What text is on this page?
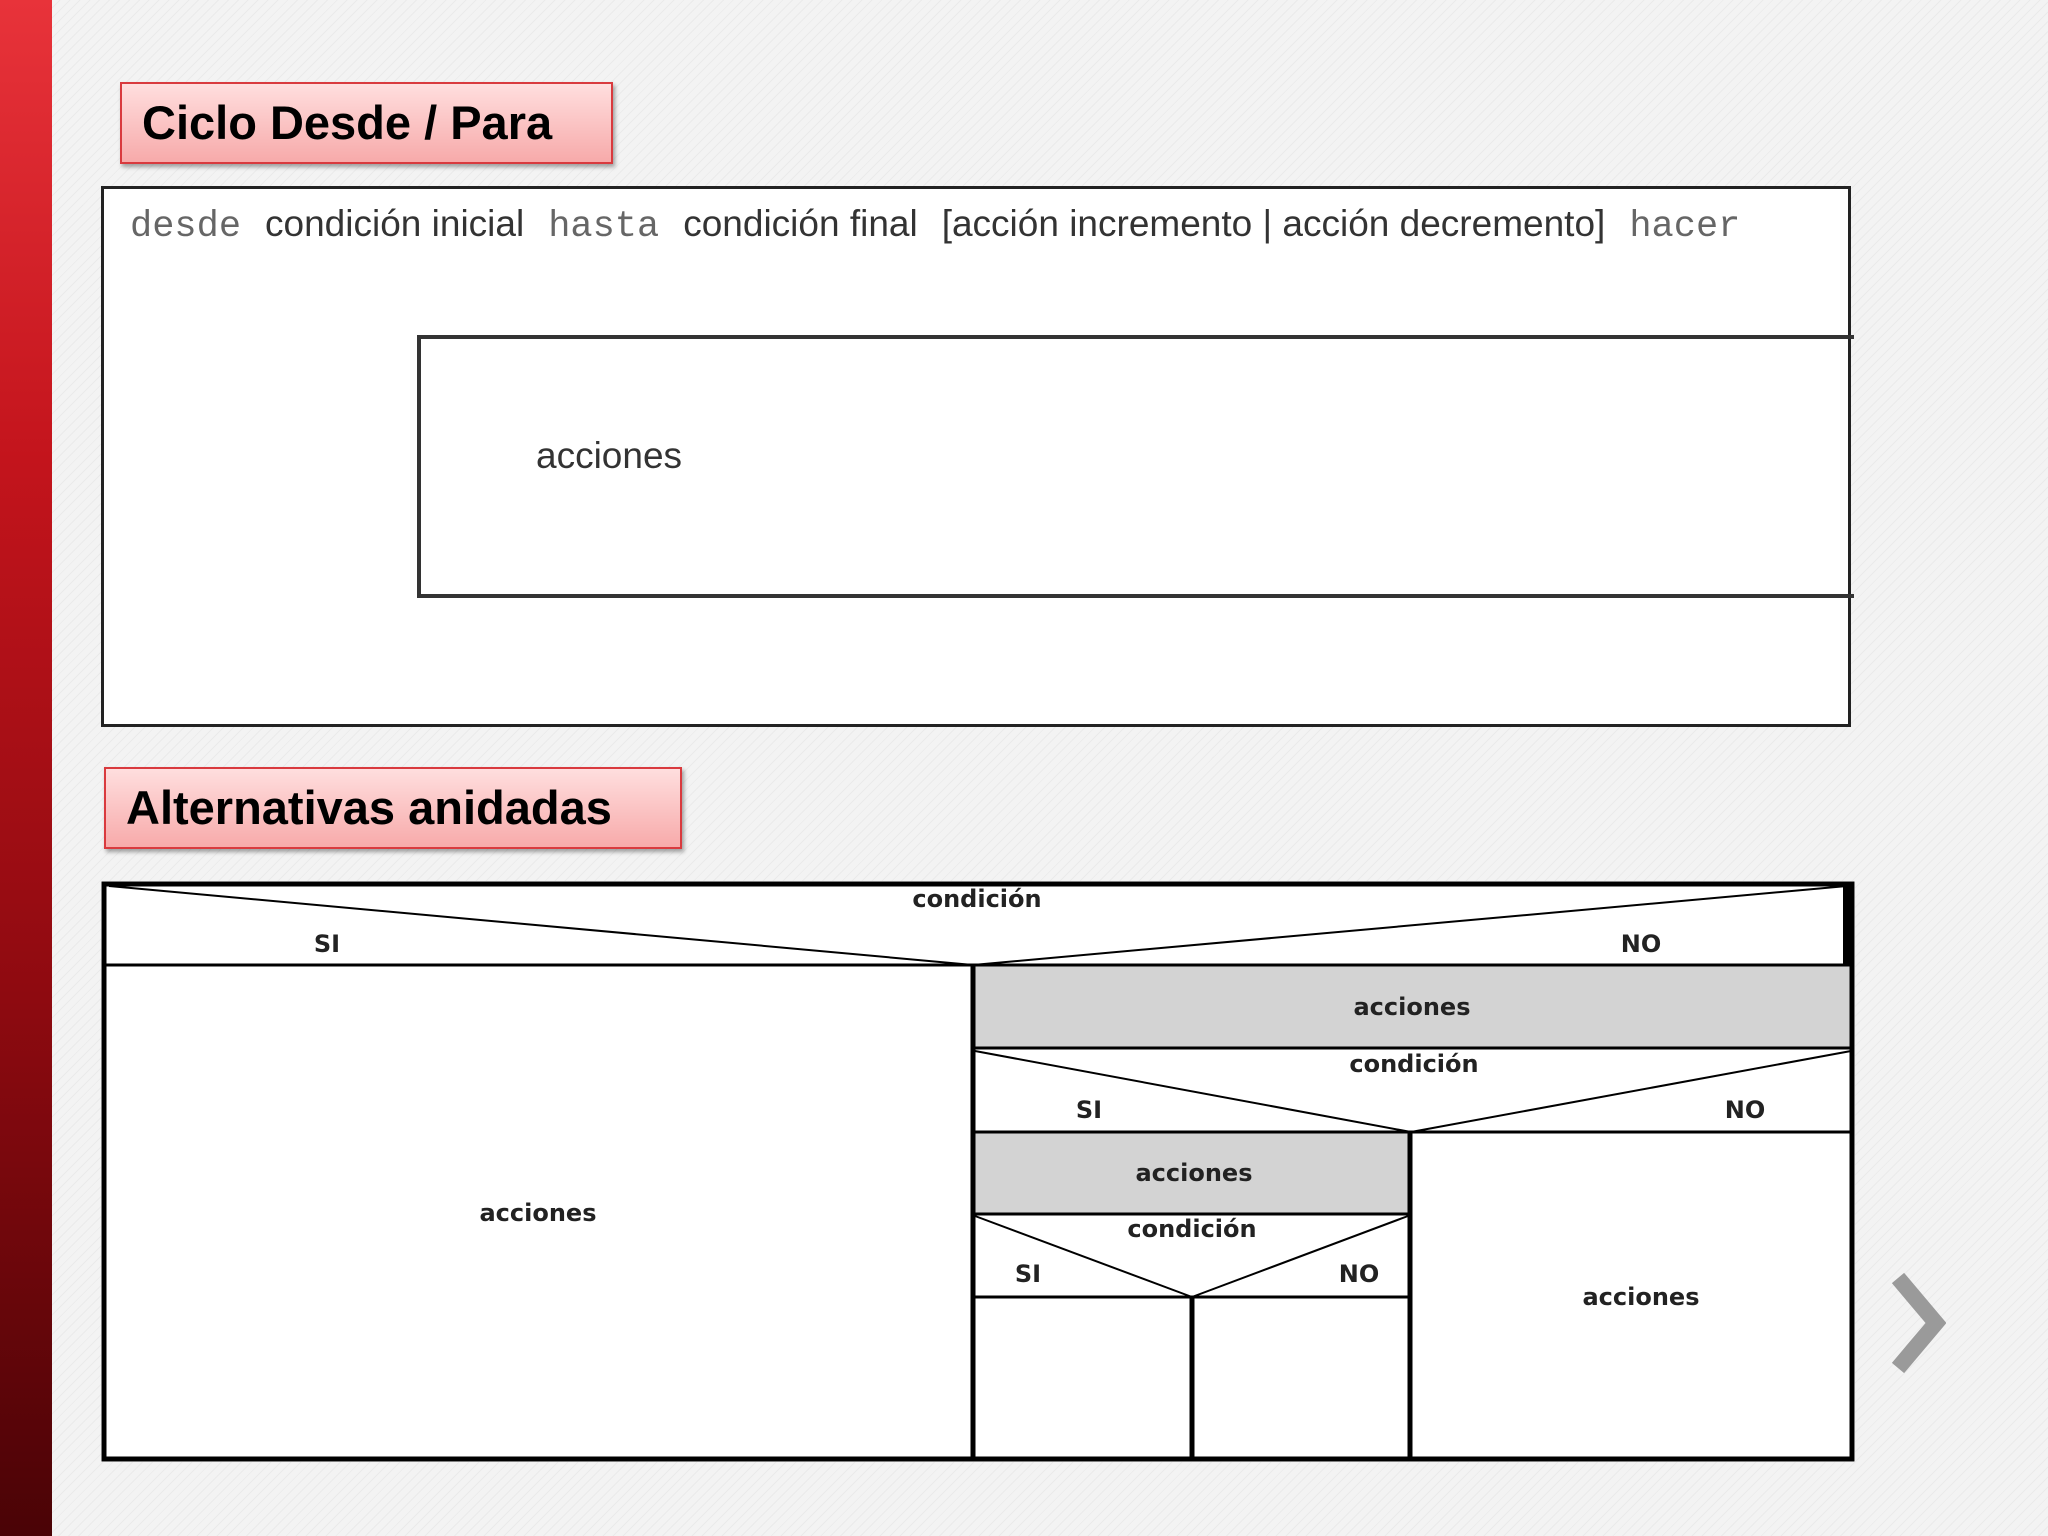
Ciclo Desde / Para
desde condición inicial hasta condición final [acción incremento | acción decremento] hacer
acciones
Alternativas anidadas
condición
SI	NO
acciones
acciones
condición
SI	NO
acciones
acciones
condición
SI	NO
